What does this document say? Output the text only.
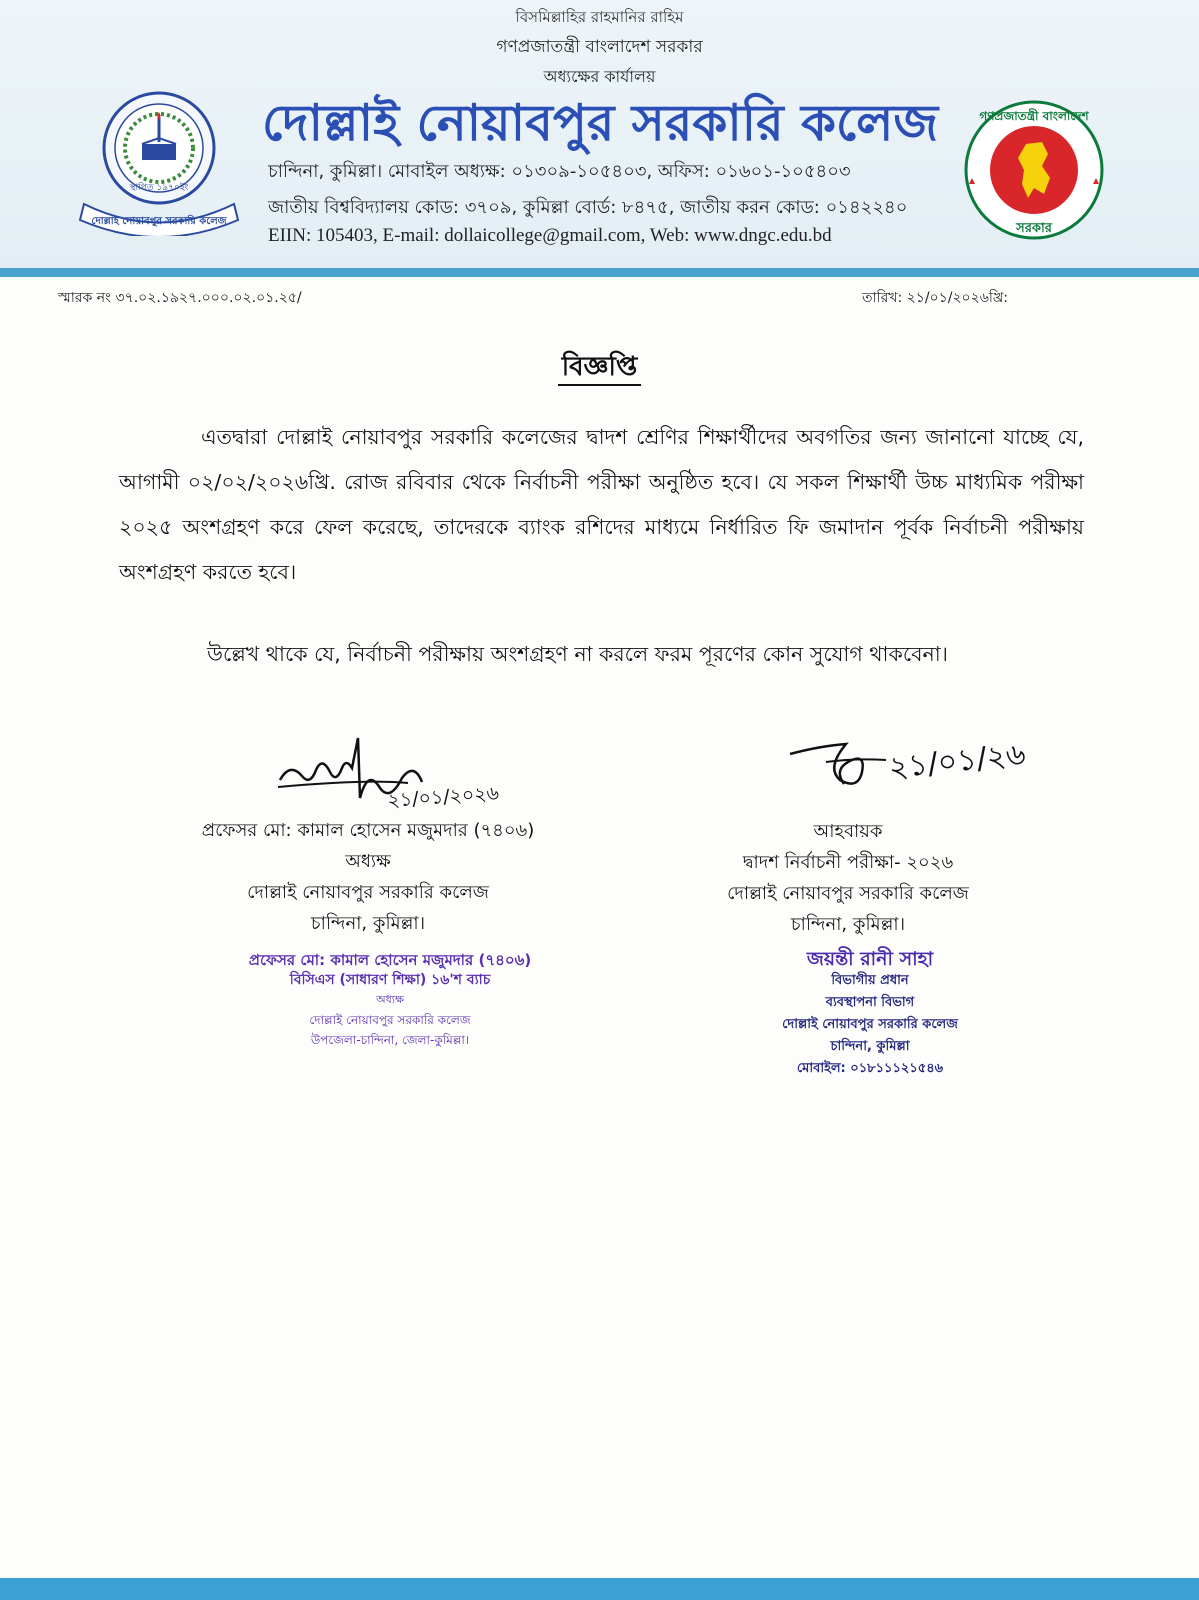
বিসমিল্লাহির রাহমানির রাহিম
গণপ্রজাতন্ত্রী বাংলাদেশ সরকার
অধ্যক্ষের কার্যালয়
দোল্লাই নোয়াবপুর সরকারি কলেজ
চান্দিনা, কুমিল্লা। মোবাইল অধ্যক্ষ: ০১৩০৯-১০৫৪০৩, অফিস: ০১৬০১-১০৫৪০৩
জাতীয় বিশ্ববিদ্যালয় কোড: ৩৭০৯, কুমিল্লা বোর্ড: ৮৪৭৫, জাতীয় করন কোড: ০১৪২২৪০
EIIN: 105403, E-mail: dollaicollege@gmail.com, Web: www.dngc.edu.bd
স্থাপিত ১৯৭০ইং
দোল্লাই নোয়াবপুর সরকারি কলেজ
গণপ্রজাতন্ত্রী বাংলাদেশ
সরকার
স্মারক নং ৩৭.০২.১৯২৭.০০০.০২.০১.২৫/	তারিখ: ২১/০১/২০২৬খ্রি:
বিজ্ঞপ্তি
এতদ্বারা দোল্লাই নোয়াবপুর সরকারি কলেজের দ্বাদশ শ্রেণির শিক্ষার্থীদের অবগতির জন্য জানানো যাচ্ছে যে, আগামী ০২/০২/২০২৬খ্রি. রোজ রবিবার থেকে নির্বাচনী পরীক্ষা অনুষ্ঠিত হবে। যে সকল শিক্ষার্থী উচ্চ মাধ্যমিক পরীক্ষা ২০২৫ অংশগ্রহণ করে ফেল করেছে, তাদেরকে ব্যাংক রশিদের মাধ্যমে নির্ধারিত ফি জমাদান পূর্বক নির্বাচনী পরীক্ষায় অংশগ্রহণ করতে হবে।
উল্লেখ থাকে যে, নির্বাচনী পরীক্ষায় অংশগ্রহণ না করলে ফরম পূরণের কোন সুযোগ থাকবেনা।
২১/০১/২০২৬
২১/০১/২৬
প্রফেসর মো: কামাল হোসেন মজুমদার (৭৪০৬)
অধ্যক্ষ
দোল্লাই নোয়াবপুর সরকারি কলেজ
চান্দিনা, কুমিল্লা।
প্রফেসর মো: কামাল হোসেন মজুমদার (৭৪০৬)
বিসিএস (সাধারণ শিক্ষা) ১৬'শ ব্যাচ
অধ্যক্ষ
দোল্লাই নোয়াবপুর সরকারি কলেজ
উপজেলা-চান্দিনা, জেলা-কুমিল্লা।
আহবায়ক
দ্বাদশ নির্বাচনী পরীক্ষা- ২০২৬
দোল্লাই নোয়াবপুর সরকারি কলেজ
চান্দিনা, কুমিল্লা।
জয়ন্তী রানী সাহা
বিভাগীয় প্রধান
ব্যবস্থাপনা বিভাগ
দোল্লাই নোয়াবপুর সরকারি কলেজ
চান্দিনা, কুমিল্লা
মোবাইল: ০১৮১১১২১৫৪৬
